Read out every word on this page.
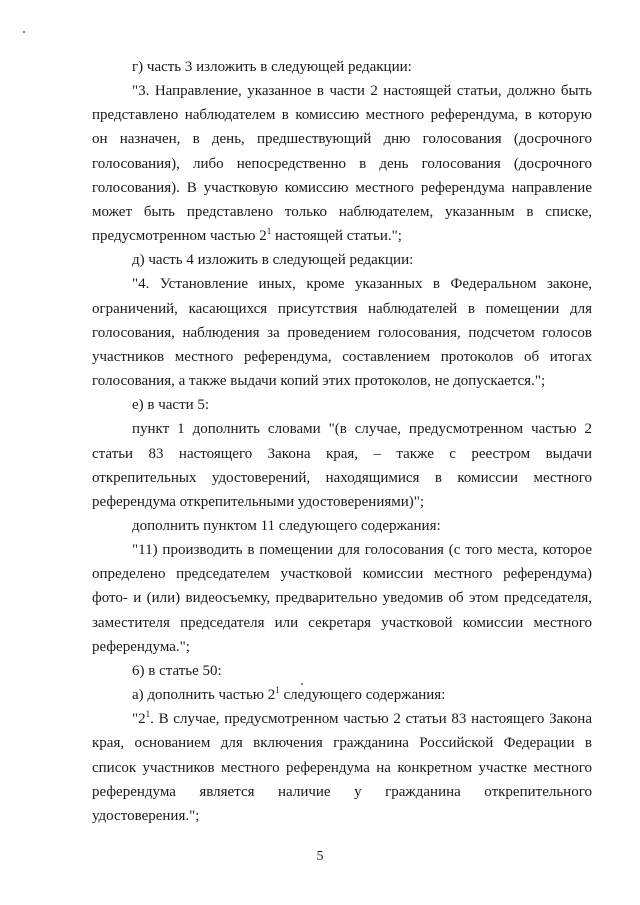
г) часть 3 изложить в следующей редакции:

"3. Направление, указанное в части 2 настоящей статьи, должно быть представлено наблюдателем в комиссию местного референдума, в которую он назначен, в день, предшествующий дню голосования (досрочного голосования), либо непосредственно в день голосования (досрочного голосования). В участковую комиссию местного референдума направление может быть представлено только наблюдателем, указанным в списке, предусмотренном частью $2^1$ настоящей статьи.";

д) часть 4 изложить в следующей редакции:

"4. Установление иных, кроме указанных в Федеральном законе, ограничений, касающихся присутствия наблюдателей в помещении для голосования, наблюдения за проведением голосования, подсчетом голосов участников местного референдума, составлением протоколов об итогах голосования, а также выдачи копий этих протоколов, не допускается.";

е) в части 5:

пункт 1 дополнить словами "(в случае, предусмотренном частью 2 статьи 83 настоящего Закона края, – также с реестром выдачи открепительных удостоверений, находящимися в комиссии местного референдума открепительными удостоверениями)";

дополнить пунктом 11 следующего содержания:

"11) производить в помещении для голосования (с того места, которое определено председателем участковой комиссии местного референдума) фото- и (или) видеосъемку, предварительно уведомив об этом председателя, заместителя председателя или секретаря участковой комиссии местного референдума.";

6) в статье 50:

а) дополнить частью $2^1$ следующего содержания:

"$2^1$. В случае, предусмотренном частью 2 статьи 83 настоящего Закона края, основанием для включения гражданина Российской Федерации в список участников местного референдума на конкретном участке местного референдума является наличие у гражданина открепительного удостоверения.";

5
